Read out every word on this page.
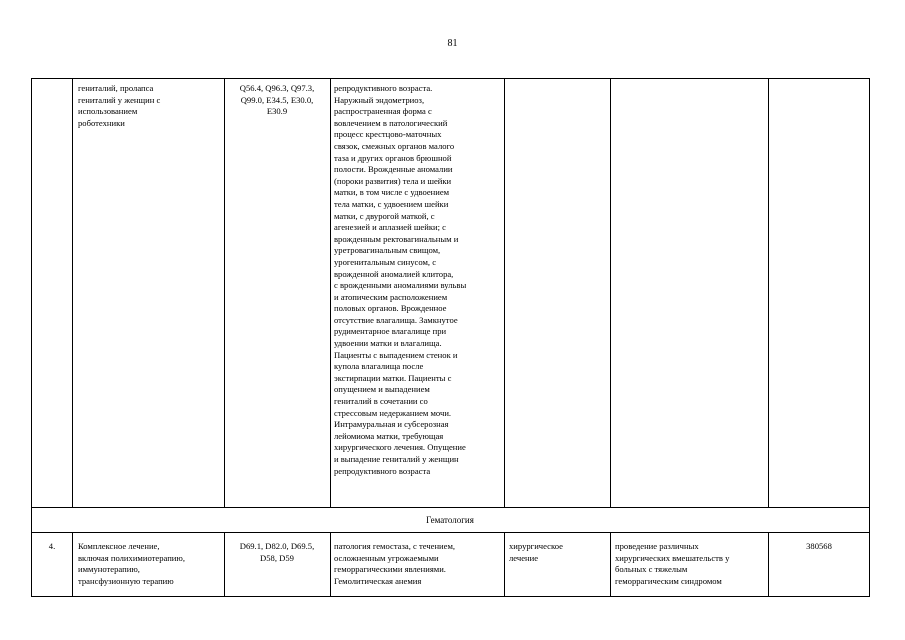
81
гениталий, пролапса
гениталий у женщин с
использованием
роботехники
Q56.4, Q96.3, Q97.3,
Q99.0, E34.5, E30.0,
E30.9
репродуктивного возраста.
Наружный эндометриоз,
распространенная форма с
вовлечением в патологический
процесс крестцово-маточных
связок, смежных органов малого
таза и других органов брюшной
полости. Врожденные аномалии
(пороки развития) тела и шейки
матки, в том числе с удвоением
тела матки, с удвоением шейки
матки, с двурогой маткой, с
агенезией и аплазией шейки; с
врожденным ректовагинальным и
уретровагинальным свищом,
урогенитальным синусом, с
врожденной аномалией клитора,
с врожденными аномалиями вульвы
и атопическим расположением
половых органов. Врожденное
отсутствие влагалища. Замкнутое
рудиментарное влагалище при
удвоении матки и влагалища.
Пациенты с выпадением стенок и
купола влагалища после
экстирпации матки. Пациенты с
опущением и выпадением
гениталий в сочетании со
стрессовым недержанием мочи.
Интрамуральная и субсерозная
лейомиома матки, требующая
хирургического лечения. Опущение
и выпадение гениталий у женщин
репродуктивного возраста
Гематология
4.	Комплексное лечение,
включая полихимиотерапию,
иммунотерапию,
трансфузионную терапию
D69.1, D82.0, D69.5,
D58, D59
патология гемостаза, с течением,
осложненным угрожаемыми
геморрагическими явлениями.
Гемолитическая анемия
хирургическое
лечение
проведение различных
хирургических вмешательств у
больных с тяжелым
геморрагическим синдромом
380568
